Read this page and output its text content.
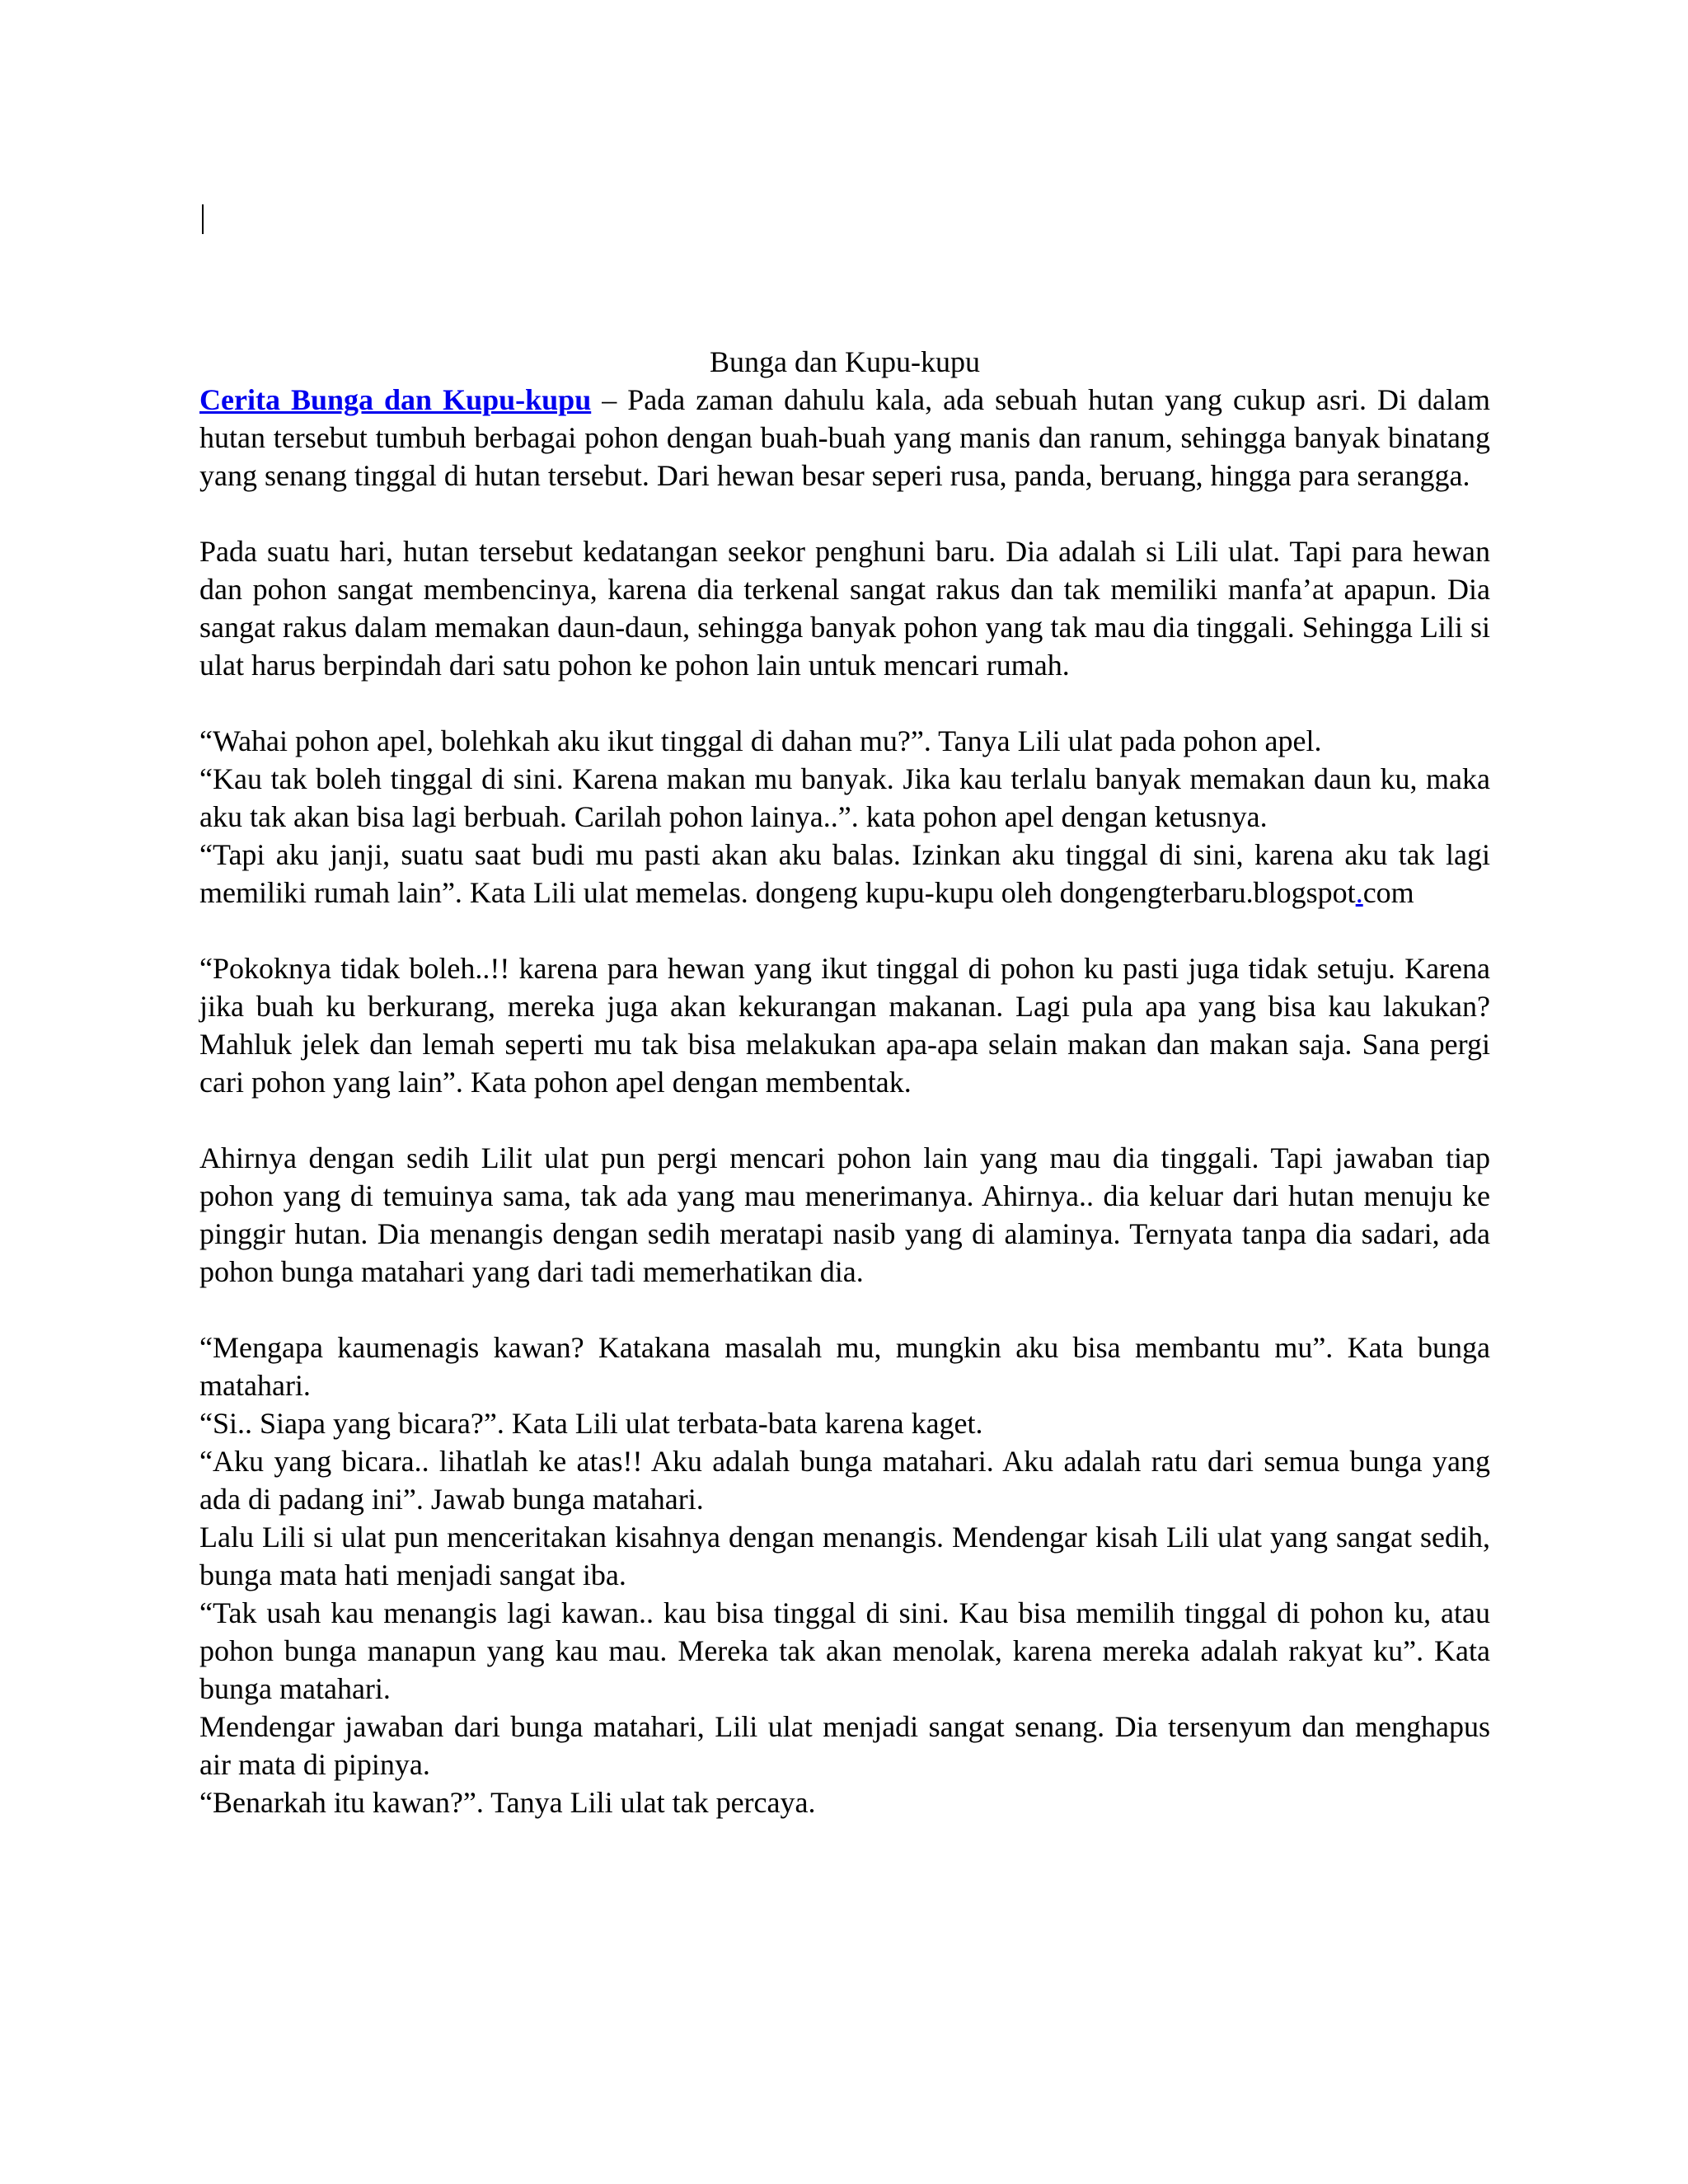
Bunga dan Kupu-kupu

Cerita Bunga dan Kupu-kupu – Pada zaman dahulu kala, ada sebuah hutan yang cukup asri. Di dalam hutan tersebut tumbuh berbagai pohon dengan buah-buah yang manis dan ranum, sehingga banyak binatang yang senang tinggal di hutan tersebut. Dari hewan besar seperi rusa, panda, beruang, hingga para serangga.

Pada suatu hari, hutan tersebut kedatangan seekor penghuni baru. Dia adalah si Lili ulat. Tapi para hewan dan pohon sangat membencinya, karena dia terkenal sangat rakus dan tak memiliki manfa’at apapun. Dia sangat rakus dalam memakan daun-daun, sehingga banyak pohon yang tak mau dia tinggali. Sehingga Lili si ulat harus berpindah dari satu pohon ke pohon lain untuk mencari rumah.

“Wahai pohon apel, bolehkah aku ikut tinggal di dahan mu?”. Tanya Lili ulat pada pohon apel.

“Kau tak boleh tinggal di sini. Karena makan mu banyak. Jika kau terlalu banyak memakan daun ku, maka aku tak akan bisa lagi berbuah. Carilah pohon lainya..”. kata pohon apel dengan ketusnya.

“Tapi aku janji, suatu saat budi mu pasti akan aku balas. Izinkan aku tinggal di sini, karena aku tak lagi memiliki rumah lain”. Kata Lili ulat memelas. dongeng kupu-kupu oleh dongengterbaru.blogspot.com

“Pokoknya tidak boleh..!! karena para hewan yang ikut tinggal di pohon ku pasti juga tidak setuju. Karena jika buah ku berkurang, mereka juga akan kekurangan makanan. Lagi pula apa yang bisa kau lakukan? Mahluk jelek dan lemah seperti mu tak bisa melakukan apa-apa selain makan dan makan saja. Sana pergi cari pohon yang lain”. Kata pohon apel dengan membentak.

Ahirnya dengan sedih Lilit ulat pun pergi mencari pohon lain yang mau dia tinggali. Tapi jawaban tiap pohon yang di temuinya sama, tak ada yang mau menerimanya. Ahirnya.. dia keluar dari hutan menuju ke pinggir hutan. Dia menangis dengan sedih meratapi nasib yang di alaminya. Ternyata tanpa dia sadari, ada pohon bunga matahari yang dari tadi memerhatikan dia.

“Mengapa kaumenagis kawan? Katakana masalah mu, mungkin aku bisa membantu mu”. Kata bunga matahari.

“Si.. Siapa yang bicara?”. Kata Lili ulat terbata-bata karena kaget.

“Aku yang bicara.. lihatlah ke atas!! Aku adalah bunga matahari. Aku adalah ratu dari semua bunga yang ada di padang ini”. Jawab bunga matahari.

Lalu Lili si ulat pun menceritakan kisahnya dengan menangis. Mendengar kisah Lili ulat yang sangat sedih, bunga mata hati menjadi sangat iba.

“Tak usah kau menangis lagi kawan.. kau bisa tinggal di sini. Kau bisa memilih tinggal di pohon ku, atau pohon bunga manapun yang kau mau. Mereka tak akan menolak, karena mereka adalah rakyat ku”. Kata bunga matahari.

Mendengar jawaban dari bunga matahari, Lili ulat menjadi sangat senang. Dia tersenyum dan menghapus air mata di pipinya.

“Benarkah itu kawan?”. Tanya Lili ulat tak percaya.
